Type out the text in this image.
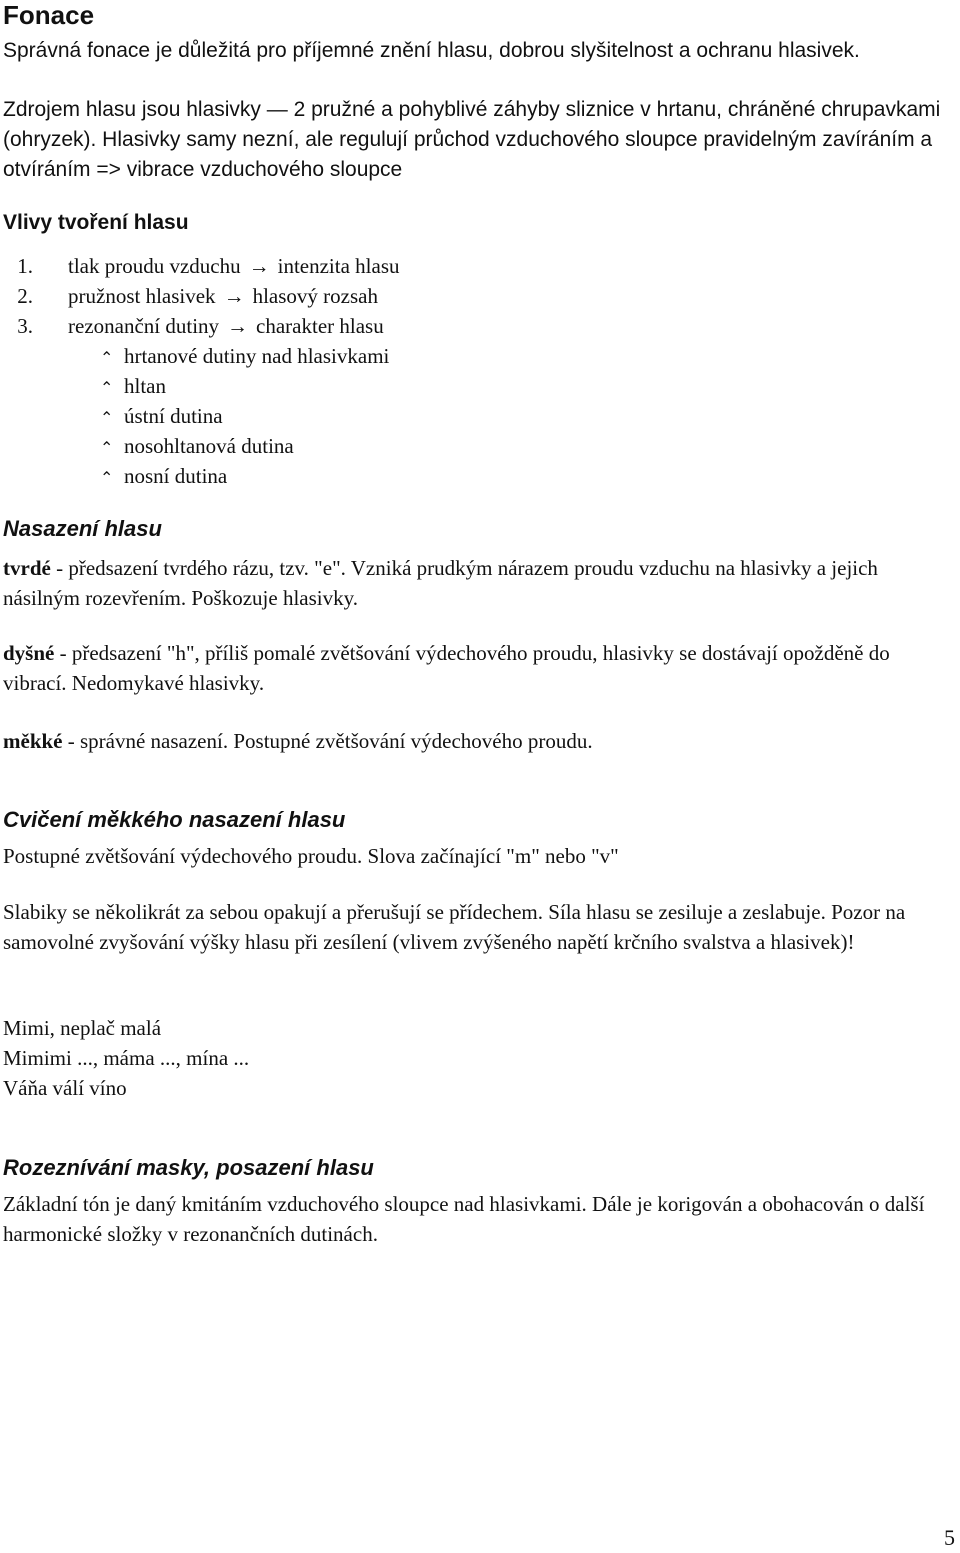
Fonace
Správná fonace je důležitá pro příjemné znění hlasu, dobrou slyšitelnost a ochranu hlasivek.
Zdrojem hlasu jsou hlasivky — 2 pružné a pohyblivé záhyby sliznice v hrtanu, chráněné chrupavkami (ohryzek). Hlasivky samy nezní, ale regulují průchod vzduchového sloupce pravidelným zavíráním a otvíráním => vibrace vzduchového sloupce
Vlivy tvoření hlasu
1. tlak proudu vzduchu → intenzita hlasu
2. pružnost hlasivek → hlasový rozsah
3. rezonanční dutiny → charakter hlasu
⌃ hrtanové dutiny nad hlasivkami
⌃ hltan
⌃ ústní dutina
⌃ nosohltanová dutina
⌃ nosní dutina
Nasazení hlasu
tvrdé - předsazení tvrdého rázu, tzv. "e". Vzniká prudkým nárazem proudu vzduchu na hlasivky a jejich násilným rozevřením. Poškozuje hlasivky.
dyšné - předsazení "h", příliš pomalé zvětšování výdechového proudu, hlasivky se dostávají opožděně do vibrací. Nedomykavé hlasivky.
měkké - správné nasazení. Postupné zvětšování výdechového proudu.
Cvičení měkkého nasazení hlasu
Postupné zvětšování výdechového proudu. Slova začínající "m" nebo "v"
Slabiky se několikrát za sebou opakují a přerušují se přídechem. Síla hlasu se zesiluje a zeslabuje. Pozor na samovolné zvyšování výšky hlasu při zesílení (vlivem zvýšeného napětí krčního svalstva a hlasivek)!
Mimi, neplač malá
Mimimi ..., máma ..., mína ...
Váňa válí víno
Rozeznívání masky, posazení hlasu
Základní tón je daný kmitáním vzduchového sloupce nad hlasivkami. Dále je korigován a obohacován o další harmonické složky v rezonančních dutinách.
5
